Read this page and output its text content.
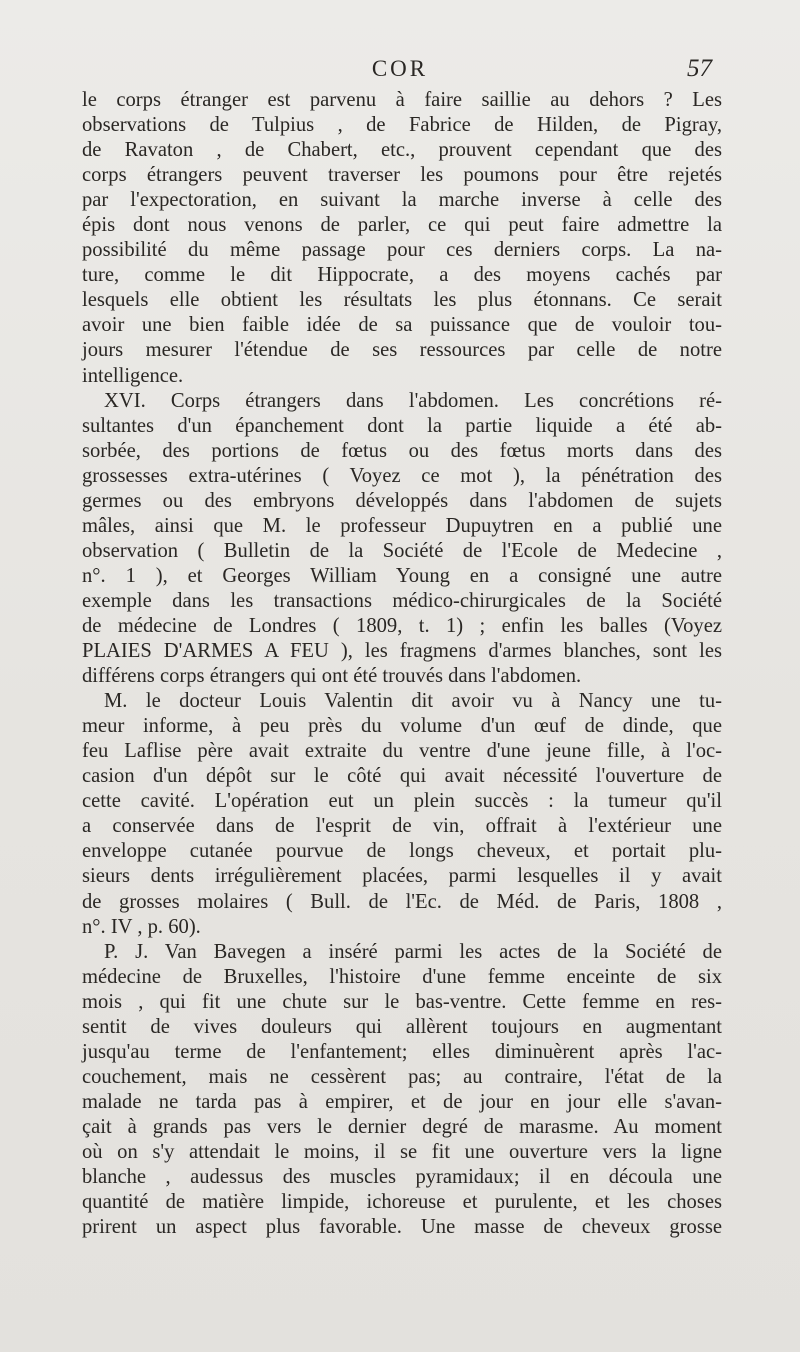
COR	57
le corps étranger est parvenu à faire saillie au dehors ? Les
observations de Tulpius , de Fabrice de Hilden, de Pigray,
de Ravaton , de Chabert, etc., prouvent cependant que des
corps étrangers peuvent traverser les poumons pour être rejetés
par l'expectoration, en suivant la marche inverse à celle des
épis dont nous venons de parler, ce qui peut faire admettre la
possibilité du même passage pour ces derniers corps. La na-
ture, comme le dit Hippocrate, a des moyens cachés par
lesquels elle obtient les résultats les plus étonnans. Ce serait
avoir une bien faible idée de sa puissance que de vouloir tou-
jours mesurer l'étendue de ses ressources par celle de notre
intelligence.
XVI. Corps étrangers dans l'abdomen. Les concrétions ré-
sultantes d'un épanchement dont la partie liquide a été ab-
sorbée, des portions de fœtus ou des fœtus morts dans des
grossesses extra-utérines ( Voyez ce mot ), la pénétration des
germes ou des embryons développés dans l'abdomen de sujets
mâles, ainsi que M. le professeur Dupuytren en a publié une
observation ( Bulletin de la Société de l'Ecole de Medecine ,
n°. 1 ), et Georges William Young en a consigné une autre
exemple dans les transactions médico-chirurgicales de la Société
de médecine de Londres ( 1809, t. 1) ; enfin les balles (Voyez
PLAIES D'ARMES A FEU ), les fragmens d'armes blanches, sont les
différens corps étrangers qui ont été trouvés dans l'abdomen.
M. le docteur Louis Valentin dit avoir vu à Nancy une tu-
meur informe, à peu près du volume d'un œuf de dinde, que
feu Laflise père avait extraite du ventre d'une jeune fille, à l'oc-
casion d'un dépôt sur le côté qui avait nécessité l'ouverture de
cette cavité. L'opération eut un plein succès : la tumeur qu'il
a conservée dans de l'esprit de vin, offrait à l'extérieur une
enveloppe cutanée pourvue de longs cheveux, et portait plu-
sieurs dents irrégulièrement placées, parmi lesquelles il y avait
de grosses molaires ( Bull. de l'Ec. de Méd. de Paris, 1808 ,
n°. IV , p. 60).
P. J. Van Bavegen a inséré parmi les actes de la Société de
médecine de Bruxelles, l'histoire d'une femme enceinte de six
mois , qui fit une chute sur le bas-ventre. Cette femme en res-
sentit de vives douleurs qui allèrent toujours en augmentant
jusqu'au terme de l'enfantement; elles diminuèrent après l'ac-
couchement, mais ne cessèrent pas; au contraire, l'état de la
malade ne tarda pas à empirer, et de jour en jour elle s'avan-
çait à grands pas vers le dernier degré de marasme. Au moment
où on s'y attendait le moins, il se fit une ouverture vers la ligne
blanche , audessus des muscles pyramidaux; il en découla une
quantité de matière limpide, ichoreuse et purulente, et les choses
prirent un aspect plus favorable. Une masse de cheveux grosse
